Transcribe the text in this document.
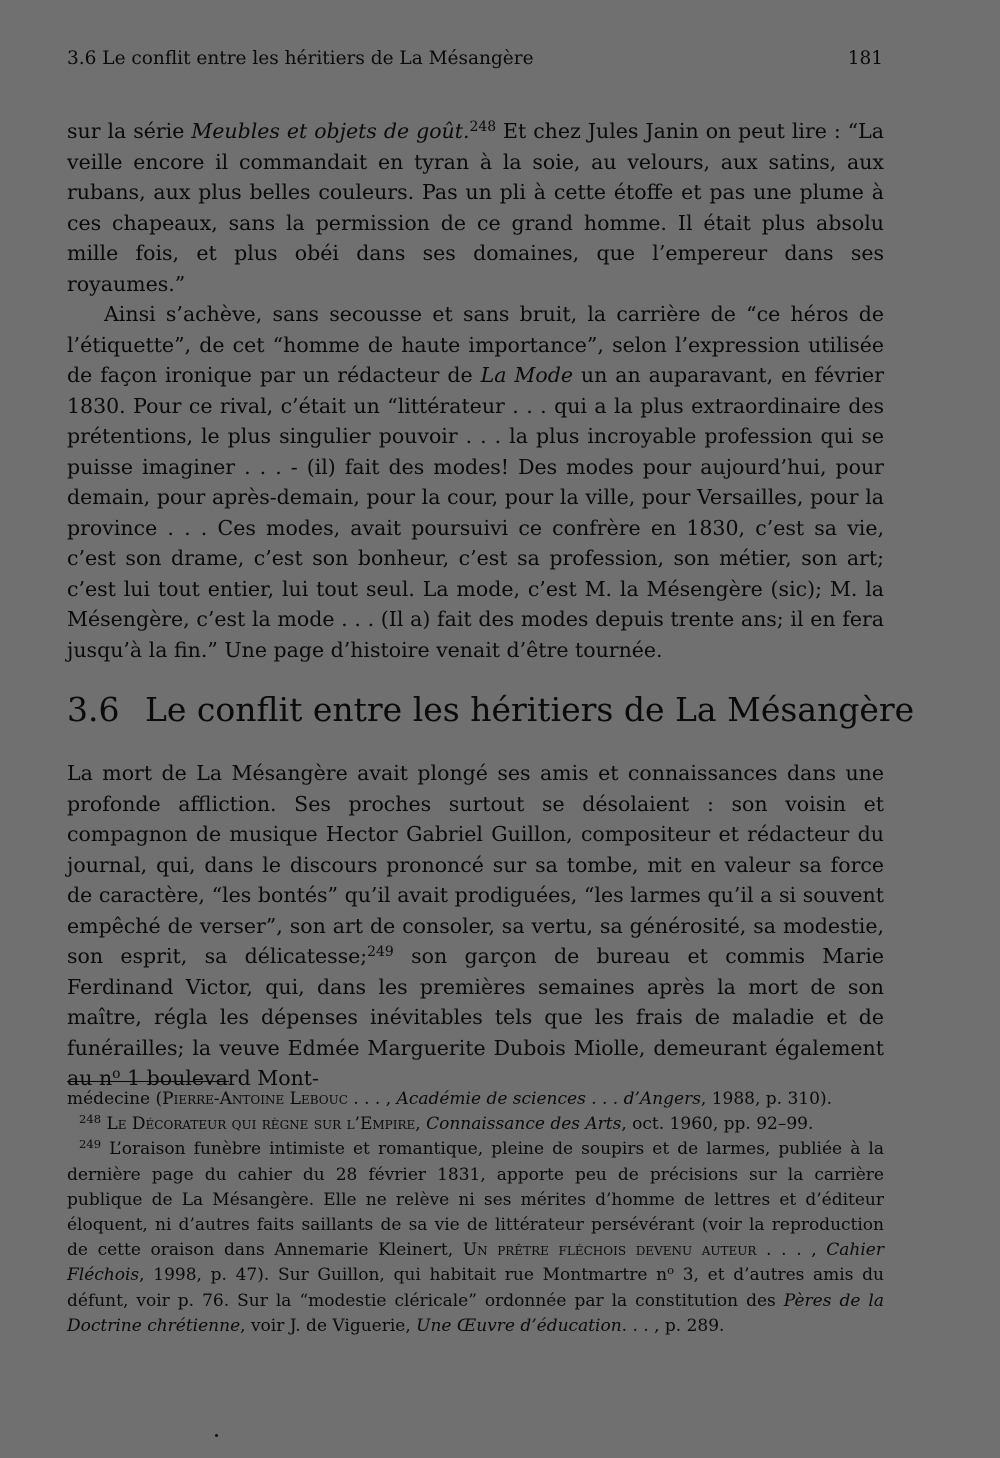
3.6 Le conflit entre les héritiers de La Mésangère	181

sur la série Meubles et objets de goût.$^{248}$ Et chez Jules Janin on peut lire : “La veille encore il commandait en tyran à la soie, au velours, aux satins, aux rubans, aux plus belles couleurs. Pas un pli à cette étoffe et pas une plume à ces chapeaux, sans la permission de ce grand homme. Il était plus absolu mille fois, et plus obéi dans ses domaines, que l’empereur dans ses royaumes.”

Ainsi s’achève, sans secousse et sans bruit, la carrière de “ce héros de l’étiquette”, de cet “homme de haute importance”, selon l’expression utilisée de façon ironique par un rédacteur de La Mode un an auparavant, en février 1830. Pour ce rival, c’était un “littérateur . . . qui a la plus extraordinaire des prétentions, le plus singulier pouvoir . . . la plus incroyable profession qui se puisse imaginer . . . - (il) fait des modes! Des modes pour aujourd’hui, pour demain, pour après-demain, pour la cour, pour la ville, pour Versailles, pour la province . . . Ces modes, avait poursuivi ce confrère en 1830, c’est sa vie, c’est son drame, c’est son bonheur, c’est sa profession, son métier, son art; c’est lui tout entier, lui tout seul. La mode, c’est M. la Mésengère (sic); M. la Mésengère, c’est la mode . . . (Il a) fait des modes depuis trente ans; il en fera jusqu’à la fin.” Une page d’histoire venait d’être tournée.

3.6 Le conflit entre les héritiers de La Mésangère

La mort de La Mésangère avait plongé ses amis et connaissances dans une profonde affliction. Ses proches surtout se désolaient : son voisin et compagnon de musique Hector Gabriel Guillon, compositeur et rédacteur du journal, qui, dans le discours prononcé sur sa tombe, mit en valeur sa force de caractère, “les bontés” qu’il avait prodiguées, “les larmes qu’il a si souvent empêché de verser”, son art de consoler, sa vertu, sa générosité, sa modestie, son esprit, sa délicatesse;$^{249}$ son garçon de bureau et commis Marie Ferdinand Victor, qui, dans les premières semaines après la mort de son maître, régla les dépenses inévitables tels que les frais de maladie et de funérailles; la veuve Edmée Marguerite Dubois Miolle, demeurant également au $n^o$ 1 boulevard Mont-

médecine (Pierre-Antoine Lebouc . . . , Académie de sciences . . . d’Angers, 1988, p. 310).

$^{248}$ Le Décorateur qui règne sur l’Empire, Connaissance des Arts, oct. 1960, pp. 92–99.

$^{249}$ L’oraison funèbre intimiste et romantique, pleine de soupirs et de larmes, publiée à la dernière page du cahier du 28 février 1831, apporte peu de précisions sur la carrière publique de La Mésangère. Elle ne relève ni ses mérites d’homme de lettres et d’éditeur éloquent, ni d’autres faits saillants de sa vie de littérateur persévérant (voir la reproduction de cette oraison dans Annemarie Kleinert, Un prêtre fléchois devenu auteur . . . , Cahier Fléchois, 1998, p. 47). Sur Guillon, qui habitait rue Montmartre $n^o$ 3, et d’autres amis du défunt, voir p. 76. Sur la “modestie cléricale” ordonnée par la constitution des Pères de la Doctrine chrétienne, voir J. de Viguerie, Une Œuvre d’éducation. . . , p. 289.
